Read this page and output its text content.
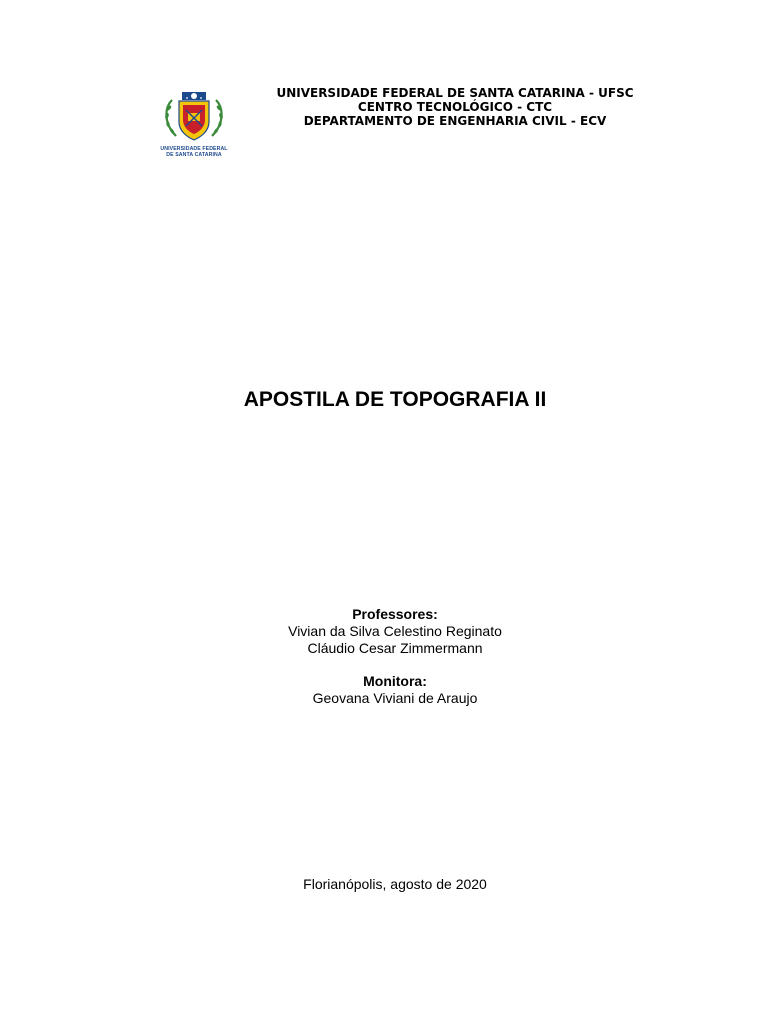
UNIVERSIDADE FEDERAL
DE SANTA CATARINA
UNIVERSIDADE FEDERAL DE SANTA CATARINA - UFSC
CENTRO TECNOLÓGICO - CTC
DEPARTAMENTO DE ENGENHARIA CIVIL - ECV
APOSTILA DE TOPOGRAFIA II
Professores:
Vivian da Silva Celestino Reginato
Cláudio Cesar Zimmermann
Monitora:
Geovana Viviani de Araujo
Florianópolis, agosto de 2020
